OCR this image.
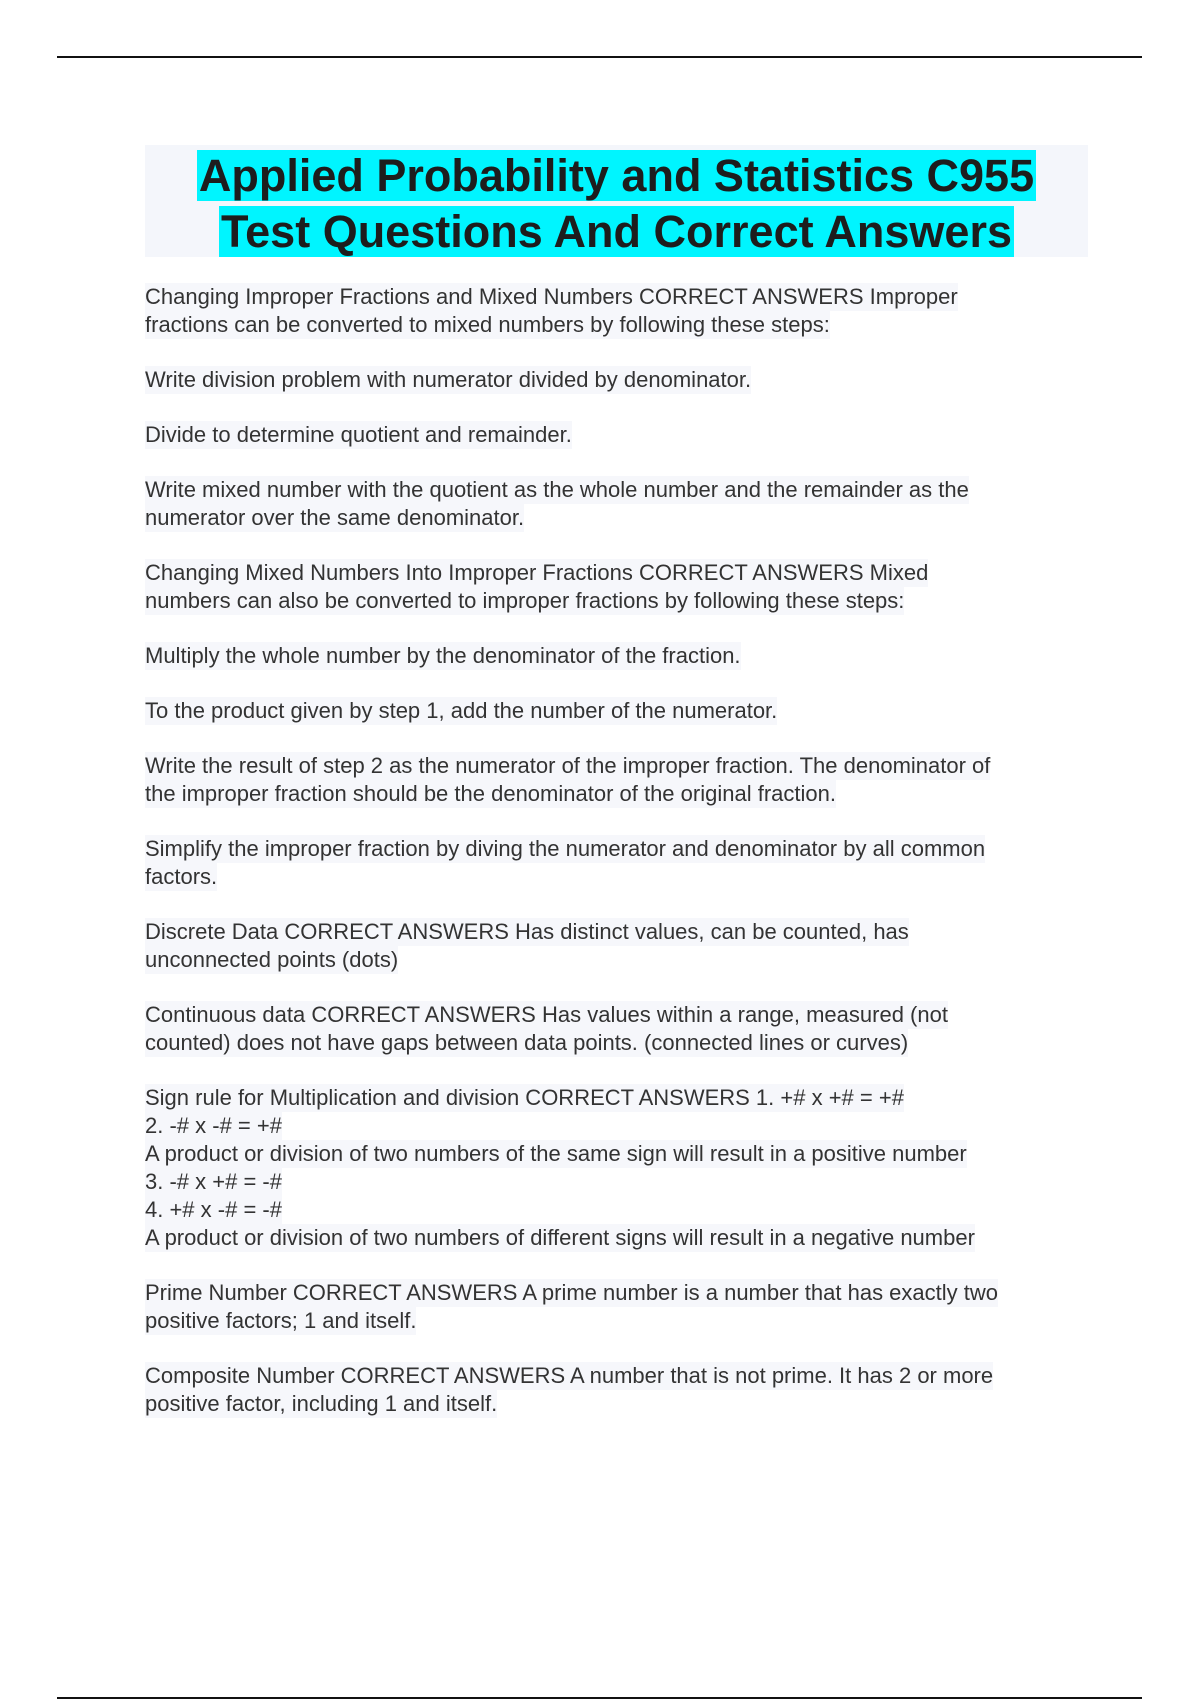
Applied Probability and Statistics C955
Test Questions And Correct Answers

Changing Improper Fractions and Mixed Numbers CORRECT ANSWERS Improper
fractions can be converted to mixed numbers by following these steps:

Write division problem with numerator divided by denominator.

Divide to determine quotient and remainder.

Write mixed number with the quotient as the whole number and the remainder as the
numerator over the same denominator.

Changing Mixed Numbers Into Improper Fractions CORRECT ANSWERS Mixed
numbers can also be converted to improper fractions by following these steps:

Multiply the whole number by the denominator of the fraction.

To the product given by step 1, add the number of the numerator.

Write the result of step 2 as the numerator of the improper fraction. The denominator of
the improper fraction should be the denominator of the original fraction.

Simplify the improper fraction by diving the numerator and denominator by all common
factors.

Discrete Data CORRECT ANSWERS Has distinct values, can be counted, has
unconnected points (dots)

Continuous data CORRECT ANSWERS Has values within a range, measured (not
counted) does not have gaps between data points. (connected lines or curves)

Sign rule for Multiplication and division CORRECT ANSWERS 1. +# x +# = +#
2. -# x -# = +#
A product or division of two numbers of the same sign will result in a positive number
3. -# x +# = -#
4. +# x -# = -#
A product or division of two numbers of different signs will result in a negative number

Prime Number CORRECT ANSWERS A prime number is a number that has exactly two
positive factors; 1 and itself.

Composite Number CORRECT ANSWERS A number that is not prime. It has 2 or more
positive factor, including 1 and itself.
